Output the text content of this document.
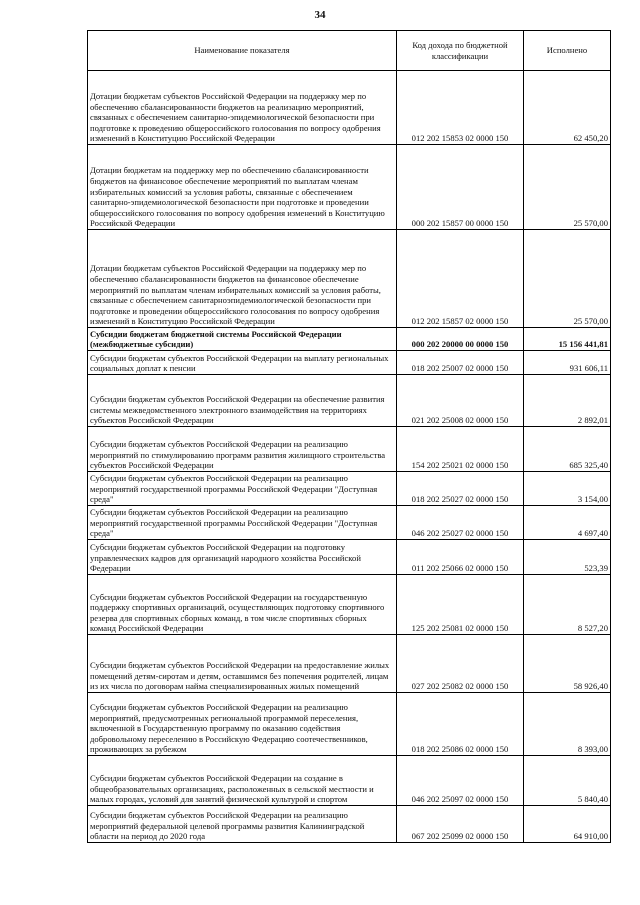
34
Наименование показателя	Код дохода по бюджетной классификации	Исполнено
Дотации бюджетам субъектов Российской Федерации на поддержку мер по обеспечению сбалансированности бюджетов на реализацию мероприятий, связанных с обеспечением санитарно-эпидемиологической безопасности при подготовке к проведению общероссийского голосования по вопросу одобрения изменений в Конституцию Российской Федерации	012 202 15853 02 0000 150	62 450,20
Дотации бюджетам на поддержку мер по обеспечению сбалансированности бюджетов на финансовое обеспечение мероприятий по выплатам членам избирательных комиссий за условия работы, связанные с обеспечением санитарно-эпидемиологической безопасности при подготовке и проведении общероссийского голосования по вопросу одобрения изменений в Конституцию Российской Федерации	000 202 15857 00 0000 150	25 570,00
Дотации бюджетам субъектов Российской Федерации на поддержку мер по обеспечению сбалансированности бюджетов на финансовое обеспечение мероприятий по выплатам членам избирательных комиссий за условия работы, связанные с обеспечением санитарноэпидемиологической безопасности при подготовке и проведении общероссийского голосования по вопросу одобрения изменений в Конституцию Российской Федерации	012 202 15857 02 0000 150	25 570,00
Субсидии бюджетам бюджетной системы Российской Федерации (межбюджетные субсидии)	000 202 20000 00 0000 150	15 156 441,81
Субсидии бюджетам субъектов Российской Федерации на выплату региональных социальных доплат к пенсии	018 202 25007 02 0000 150	931 606,11
Субсидии бюджетам субъектов Российской Федерации на обеспечение развития системы межведомственного электронного взаимодействия на территориях субъектов Российской Федерации	021 202 25008 02 0000 150	2 892,01
Субсидии бюджетам субъектов Российской Федерации на реализацию мероприятий по стимулированию программ развития жилищного строительства субъектов Российской Федерации	154 202 25021 02 0000 150	685 325,40
Субсидии бюджетам субъектов Российской Федерации на реализацию мероприятий государственной программы Российской Федерации "Доступная среда"	018 202 25027 02 0000 150	3 154,00
Субсидии бюджетам субъектов Российской Федерации на реализацию мероприятий государственной программы Российской Федерации "Доступная среда"	046 202 25027 02 0000 150	4 697,40
Субсидии бюджетам субъектов Российской Федерации на подготовку управленческих кадров для организаций народного хозяйства Российской Федерации	011 202 25066 02 0000 150	523,39
Субсидии бюджетам субъектов Российской Федерации на государственную поддержку спортивных организаций, осуществляющих подготовку спортивного резерва для спортивных сборных команд, в том числе спортивных сборных команд Российской Федерации	125 202 25081 02 0000 150	8 527,20
Субсидии бюджетам субъектов Российской Федерации на предоставление жилых помещений детям-сиротам и детям, оставшимся без попечения родителей, лицам из их числа по договорам найма специализированных жилых помещений	027 202 25082 02 0000 150	58 926,40
Субсидии бюджетам субъектов Российской Федерации на реализацию мероприятий, предусмотренных региональной программой переселения, включенной в Государственную программу по оказанию содействия добровольному переселению в Российскую Федерацию соотечественников, проживающих за рубежом	018 202 25086 02 0000 150	8 393,00
Субсидии бюджетам субъектов Российской Федерации на создание в общеобразовательных организациях, расположенных в сельской местности и малых городах, условий для занятий физической культурой и спортом	046 202 25097 02 0000 150	5 840,40
Субсидии бюджетам субъектов Российской Федерации на реализацию мероприятий федеральной целевой программы развития Калининградской области на период до 2020 года	067 202 25099 02 0000 150	64 910,00
